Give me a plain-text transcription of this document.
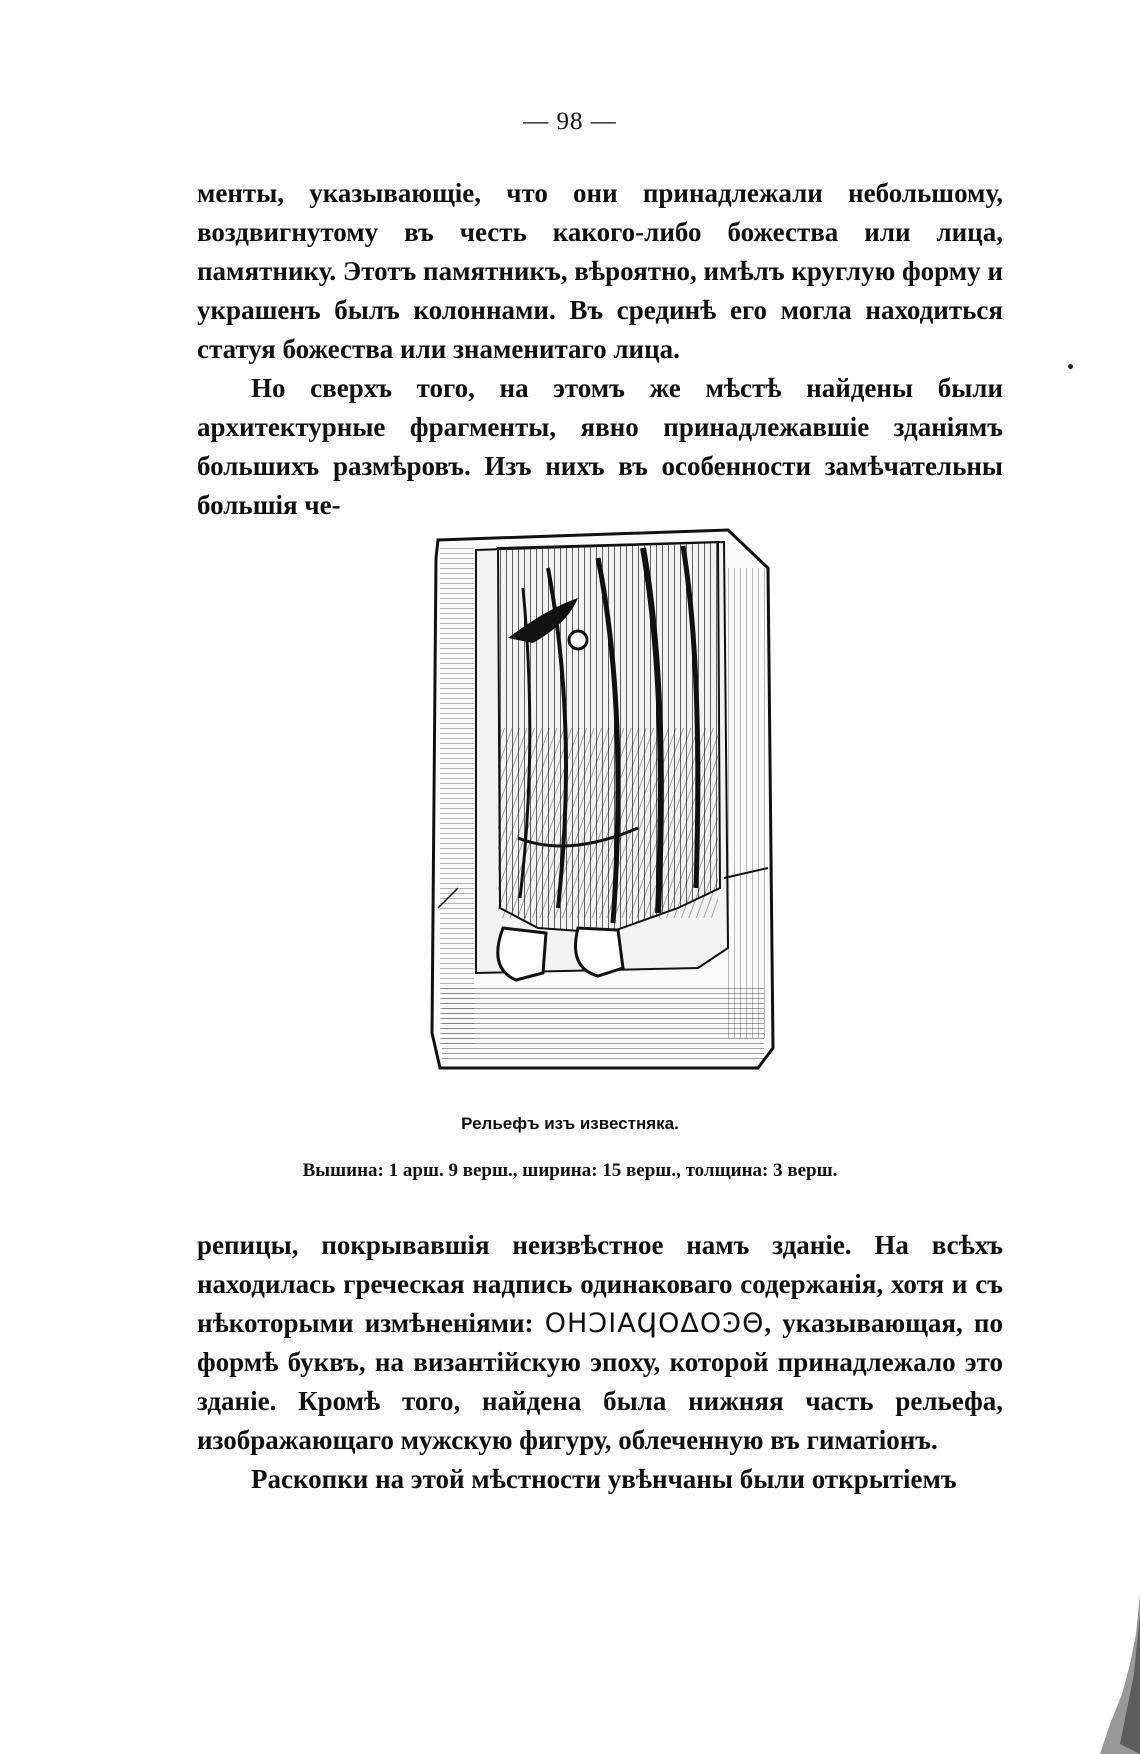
— 98 —

менты, указывающіе, что они принадлежали небольшому, воздвигнутому въ честь какого-либо божества или лица, памятнику. Этотъ памятникъ, вѣроятно, имѣлъ круглую форму и украшенъ былъ колоннами. Въ срединѣ его могла находиться статуя божества или знаменитаго лица.

Но сверхъ того, на этомъ же мѣстѣ найдены были архитектурные фрагменты, явно принадлежавшіе зданіямъ большихъ размѣровъ. Изъ нихъ въ особенности замѣчательны большія че-

Рельефъ изъ известняка.
Вышина: 1 арш. 9 верш., ширина: 15 верш., толщина: 3 верш.

репицы, покрывавшія неизвѣстное намъ зданіе. На всѣхъ находилась греческая надпись одинаковаго содержанія, хотя и съ нѣкоторыми измѣненіями: ΟΗϽΙΑϤΟΔΟϿΘ, указывающая, по формѣ буквъ, на византійскую эпоху, которой принадлежало это зданіе. Кромѣ того, найдена была нижняя часть рельефа, изображающаго мужскую фигуру, облеченную въ гиматіонъ.

Раскопки на этой мѣстности увѣнчаны были открытіемъ
